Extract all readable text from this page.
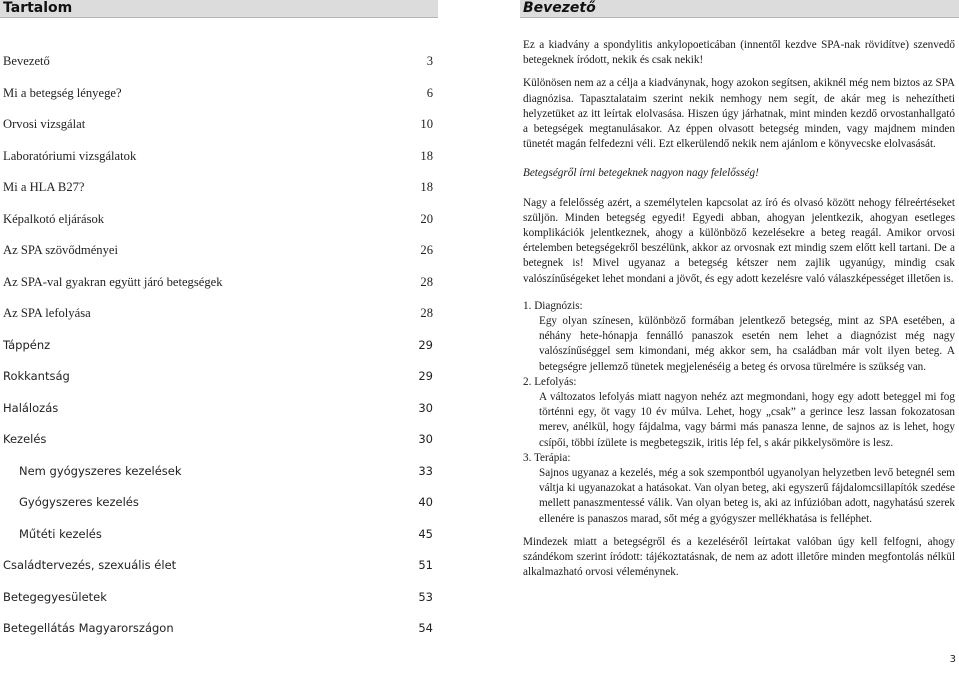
Tartalom
Bevezető	3
Mi a betegség lényege?	6
Orvosi vizsgálat	10
Laboratóriumi vizsgálatok	18
Mi a HLA B27?	18
Képalkotó eljárások	20
Az SPA szövődményei	26
Az SPA-val gyakran együtt járó betegségek	28
Az SPA lefolyása	28
Táppénz	29
Rokkantság	29
Halálozás	30
Kezelés	30
Nem gyógyszeres kezelések	33
Gyógyszeres kezelés	40
Műtéti kezelés	45
Családtervezés, szexuális élet	51
Betegegyesületek	53
Betegellátás Magyarországon	54
Bevezető

Ez a kiadvány a spondylitis ankylopoeticában (innentől kezdve SPA-nak rövidítve) szenvedő betegeknek íródott, nekik és csak nekik!

Különösen nem az a célja a kiadványnak, hogy azokon segítsen, akiknél még nem biztos az SPA diagnózisa. Tapasztalataim szerint nekik nemhogy nem segít, de akár meg is nehezítheti helyzetüket az itt leírtak elolvasása. Hiszen úgy járhatnak, mint minden kezdő orvostanhallgató a betegségek megtanulásakor. Az éppen olvasott betegség minden, vagy majdnem minden tünetét magán felfedezni véli. Ezt elkerülendő nekik nem ajánlom e könyvecske elolvasását.

Betegségről írni betegeknek nagyon nagy felelősség!

Nagy a felelősség azért, a személytelen kapcsolat az író és olvasó között nehogy félreértéseket szüljön. Minden betegség egyedi! Egyedi abban, ahogyan jelentkezik, ahogyan esetleges komplikációk jelentkeznek, ahogy a különböző kezelésekre a beteg reagál. Amikor orvosi értelemben betegségekről beszélünk, akkor az orvosnak ezt mindig szem előtt kell tartani. De a betegnek is! Mivel ugyanaz a betegség kétszer nem zajlik ugyanúgy, mindig csak valószínűségeket lehet mondani a jövőt, és egy adott kezelésre való válaszképességet illetően is.

1. Diagnózis:
Egy olyan színesen, különböző formában jelentkező betegség, mint az SPA esetében, a néhány hete-hónapja fennálló panaszok esetén nem lehet a diagnózist még nagy valószínűséggel sem kimondani, még akkor sem, ha családban már volt ilyen beteg. A betegségre jellemző tünetek megjelenéséig a beteg és orvosa türelmére is szükség van.
2. Lefolyás:
A változatos lefolyás miatt nagyon nehéz azt megmondani, hogy egy adott beteggel mi fog történni egy, öt vagy 10 év múlva. Lehet, hogy „csak” a gerince lesz lassan fokozatosan merev, anélkül, hogy fájdalma, vagy bármi más panasza lenne, de sajnos az is lehet, hogy csípői, többi ízülete is megbetegszik, iritis lép fel, s akár pikkelysömöre is lesz.
3. Terápia:
Sajnos ugyanaz a kezelés, még a sok szempontból ugyanolyan helyzetben levő betegnél sem váltja ki ugyanazokat a hatásokat. Van olyan beteg, aki egyszerű fájdalomcsillapítók szedése mellett panaszmentessé válik. Van olyan beteg is, aki az infúzióban adott, nagyhatású szerek ellenére is panaszos marad, sőt még a gyógyszer mellékhatása is felléphet.

Mindezek miatt a betegségről és a kezeléséről leírtakat valóban úgy kell felfogni, ahogy szándékom szerint íródott: tájékoztatásnak, de nem az adott illetőre minden megfontolás nélkül alkalmazható orvosi véleménynek.

3
